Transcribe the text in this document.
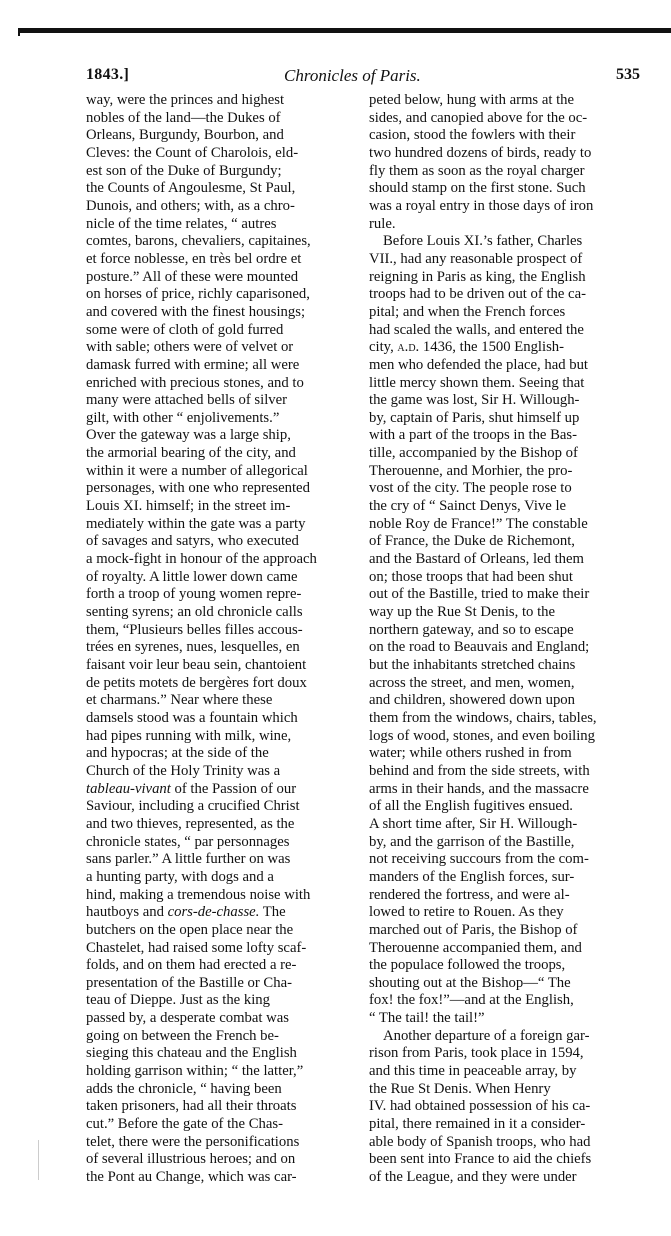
1843.]	Chronicles of Paris.	535

way, were the princes and highest
nobles of the land—the Dukes of
Orleans, Burgundy, Bourbon, and
Cleves: the Count of Charolois, eld-
est son of the Duke of Burgundy;
the Counts of Angoulesme, St Paul,
Dunois, and others; with, as a chro-
nicle of the time relates, “ autres
comtes, barons, chevaliers, capitaines,
et force noblesse, en très bel ordre et
posture.” All of these were mounted
on horses of price, richly caparisoned,
and covered with the finest housings;
some were of cloth of gold furred
with sable; others were of velvet or
damask furred with ermine; all were
enriched with precious stones, and to
many were attached bells of silver
gilt, with other “ enjolivements.”
Over the gateway was a large ship,
the armorial bearing of the city, and
within it were a number of allegorical
personages, with one who represented
Louis XI. himself; in the street im-
mediately within the gate was a party
of savages and satyrs, who executed
a mock-fight in honour of the approach
of royalty. A little lower down came
forth a troop of young women repre-
senting syrens; an old chronicle calls
them, “Plusieurs belles filles accous-
trées en syrenes, nues, lesquelles, en
faisant voir leur beau sein, chantoient
de petits motets de bergères fort doux
et charmans.” Near where these
damsels stood was a fountain which
had pipes running with milk, wine,
and hypocras; at the side of the
Church of the Holy Trinity was a
tableau-vivant of the Passion of our
Saviour, including a crucified Christ
and two thieves, represented, as the
chronicle states, “ par personnages
sans parler.” A little further on was
a hunting party, with dogs and a
hind, making a tremendous noise with
hautboys and cors-de-chasse. The
butchers on the open place near the
Chastelet, had raised some lofty scaf-
folds, and on them had erected a re-
presentation of the Bastille or Cha-
teau of Dieppe. Just as the king
passed by, a desperate combat was
going on between the French be-
sieging this chateau and the English
holding garrison within; “ the latter,”
adds the chronicle, “ having been
taken prisoners, had all their throats
cut.” Before the gate of the Chas-
telet, there were the personifications
of several illustrious heroes; and on
the Pont au Change, which was car-

peted below, hung with arms at the
sides, and canopied above for the oc-
casion, stood the fowlers with their
two hundred dozens of birds, ready to
fly them as soon as the royal charger
should stamp on the first stone. Such
was a royal entry in those days of iron
rule.

Before Louis XI.’s father, Charles
VII., had any reasonable prospect of
reigning in Paris as king, the English
troops had to be driven out of the ca-
pital; and when the French forces
had scaled the walls, and entered the
city, a.d. 1436, the 1500 English-
men who defended the place, had but
little mercy shown them. Seeing that
the game was lost, Sir H. Willough-
by, captain of Paris, shut himself up
with a part of the troops in the Bas-
tille, accompanied by the Bishop of
Therouenne, and Morhier, the pro-
vost of the city. The people rose to
the cry of “ Sainct Denys, Vive le
noble Roy de France!” The constable
of France, the Duke de Richemont,
and the Bastard of Orleans, led them
on; those troops that had been shut
out of the Bastille, tried to make their
way up the Rue St Denis, to the
northern gateway, and so to escape
on the road to Beauvais and England;
but the inhabitants stretched chains
across the street, and men, women,
and children, showered down upon
them from the windows, chairs, tables,
logs of wood, stones, and even boiling
water; while others rushed in from
behind and from the side streets, with
arms in their hands, and the massacre
of all the English fugitives ensued.
A short time after, Sir H. Willough-
by, and the garrison of the Bastille,
not receiving succours from the com-
manders of the English forces, sur-
rendered the fortress, and were al-
lowed to retire to Rouen. As they
marched out of Paris, the Bishop of
Therouenne accompanied them, and
the populace followed the troops,
shouting out at the Bishop—“ The
fox! the fox!”—and at the English,
“ The tail! the tail!”

Another departure of a foreign gar-
rison from Paris, took place in 1594,
and this time in peaceable array, by
the Rue St Denis. When Henry
IV. had obtained possession of his ca-
pital, there remained in it a consider-
able body of Spanish troops, who had
been sent into France to aid the chiefs
of the League, and they were under
